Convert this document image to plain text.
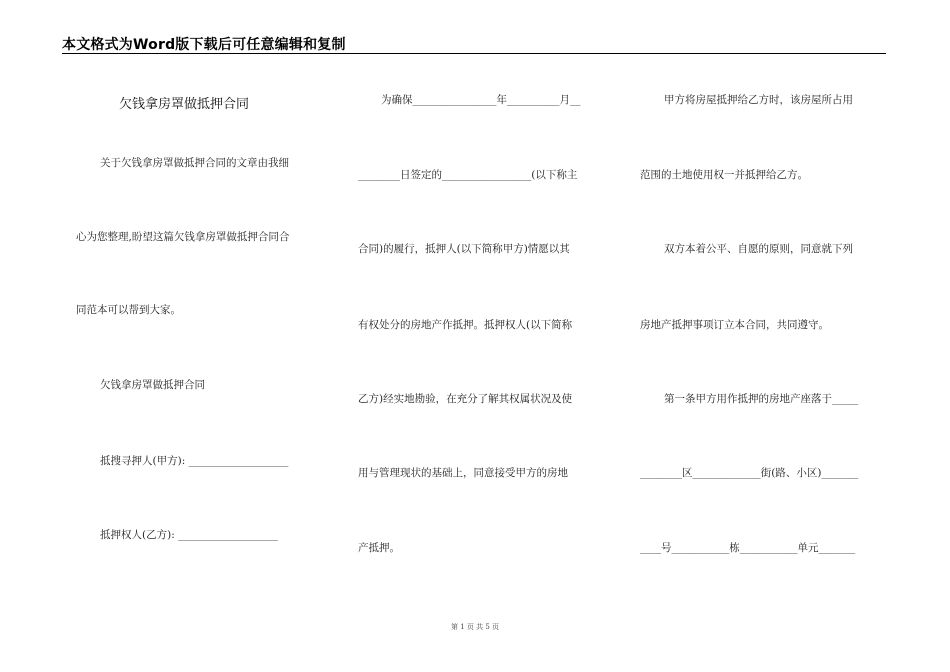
本文格式为Word版下载后可任意编辑和复制
欠钱拿房罩做抵押合同
关于欠钱拿房罩做抵押合同的文章由我细
心为您整理,盼望这篇欠钱拿房罩做抵押合同合
同范本可以帮到大家。
欠钱拿房罩做抵押合同
抵搜寻押人(甲方): ___________________
抵押权人(乙方): ___________________
为确保________________年__________月__
________日签定的_________________(以下称主
合同)的履行，抵押人(以下简称甲方)情愿以其
有权处分的房地产作抵押。抵押权人(以下简称
乙方)经实地勘验，在充分了解其权属状况及使
用与管理现状的基础上，同意接受甲方的房地
产抵押。
甲方将房屋抵押给乙方时，该房屋所占用
范围的土地使用权一并抵押给乙方。
双方本着公平、自愿的原则，同意就下列
房地产抵押事项订立本合同，共同遵守。
第一条甲方用作抵押的房地产座落于_____
________区_____________街(路、小区)_______
____号___________栋___________单元_______
第 1 页 共 5 页
